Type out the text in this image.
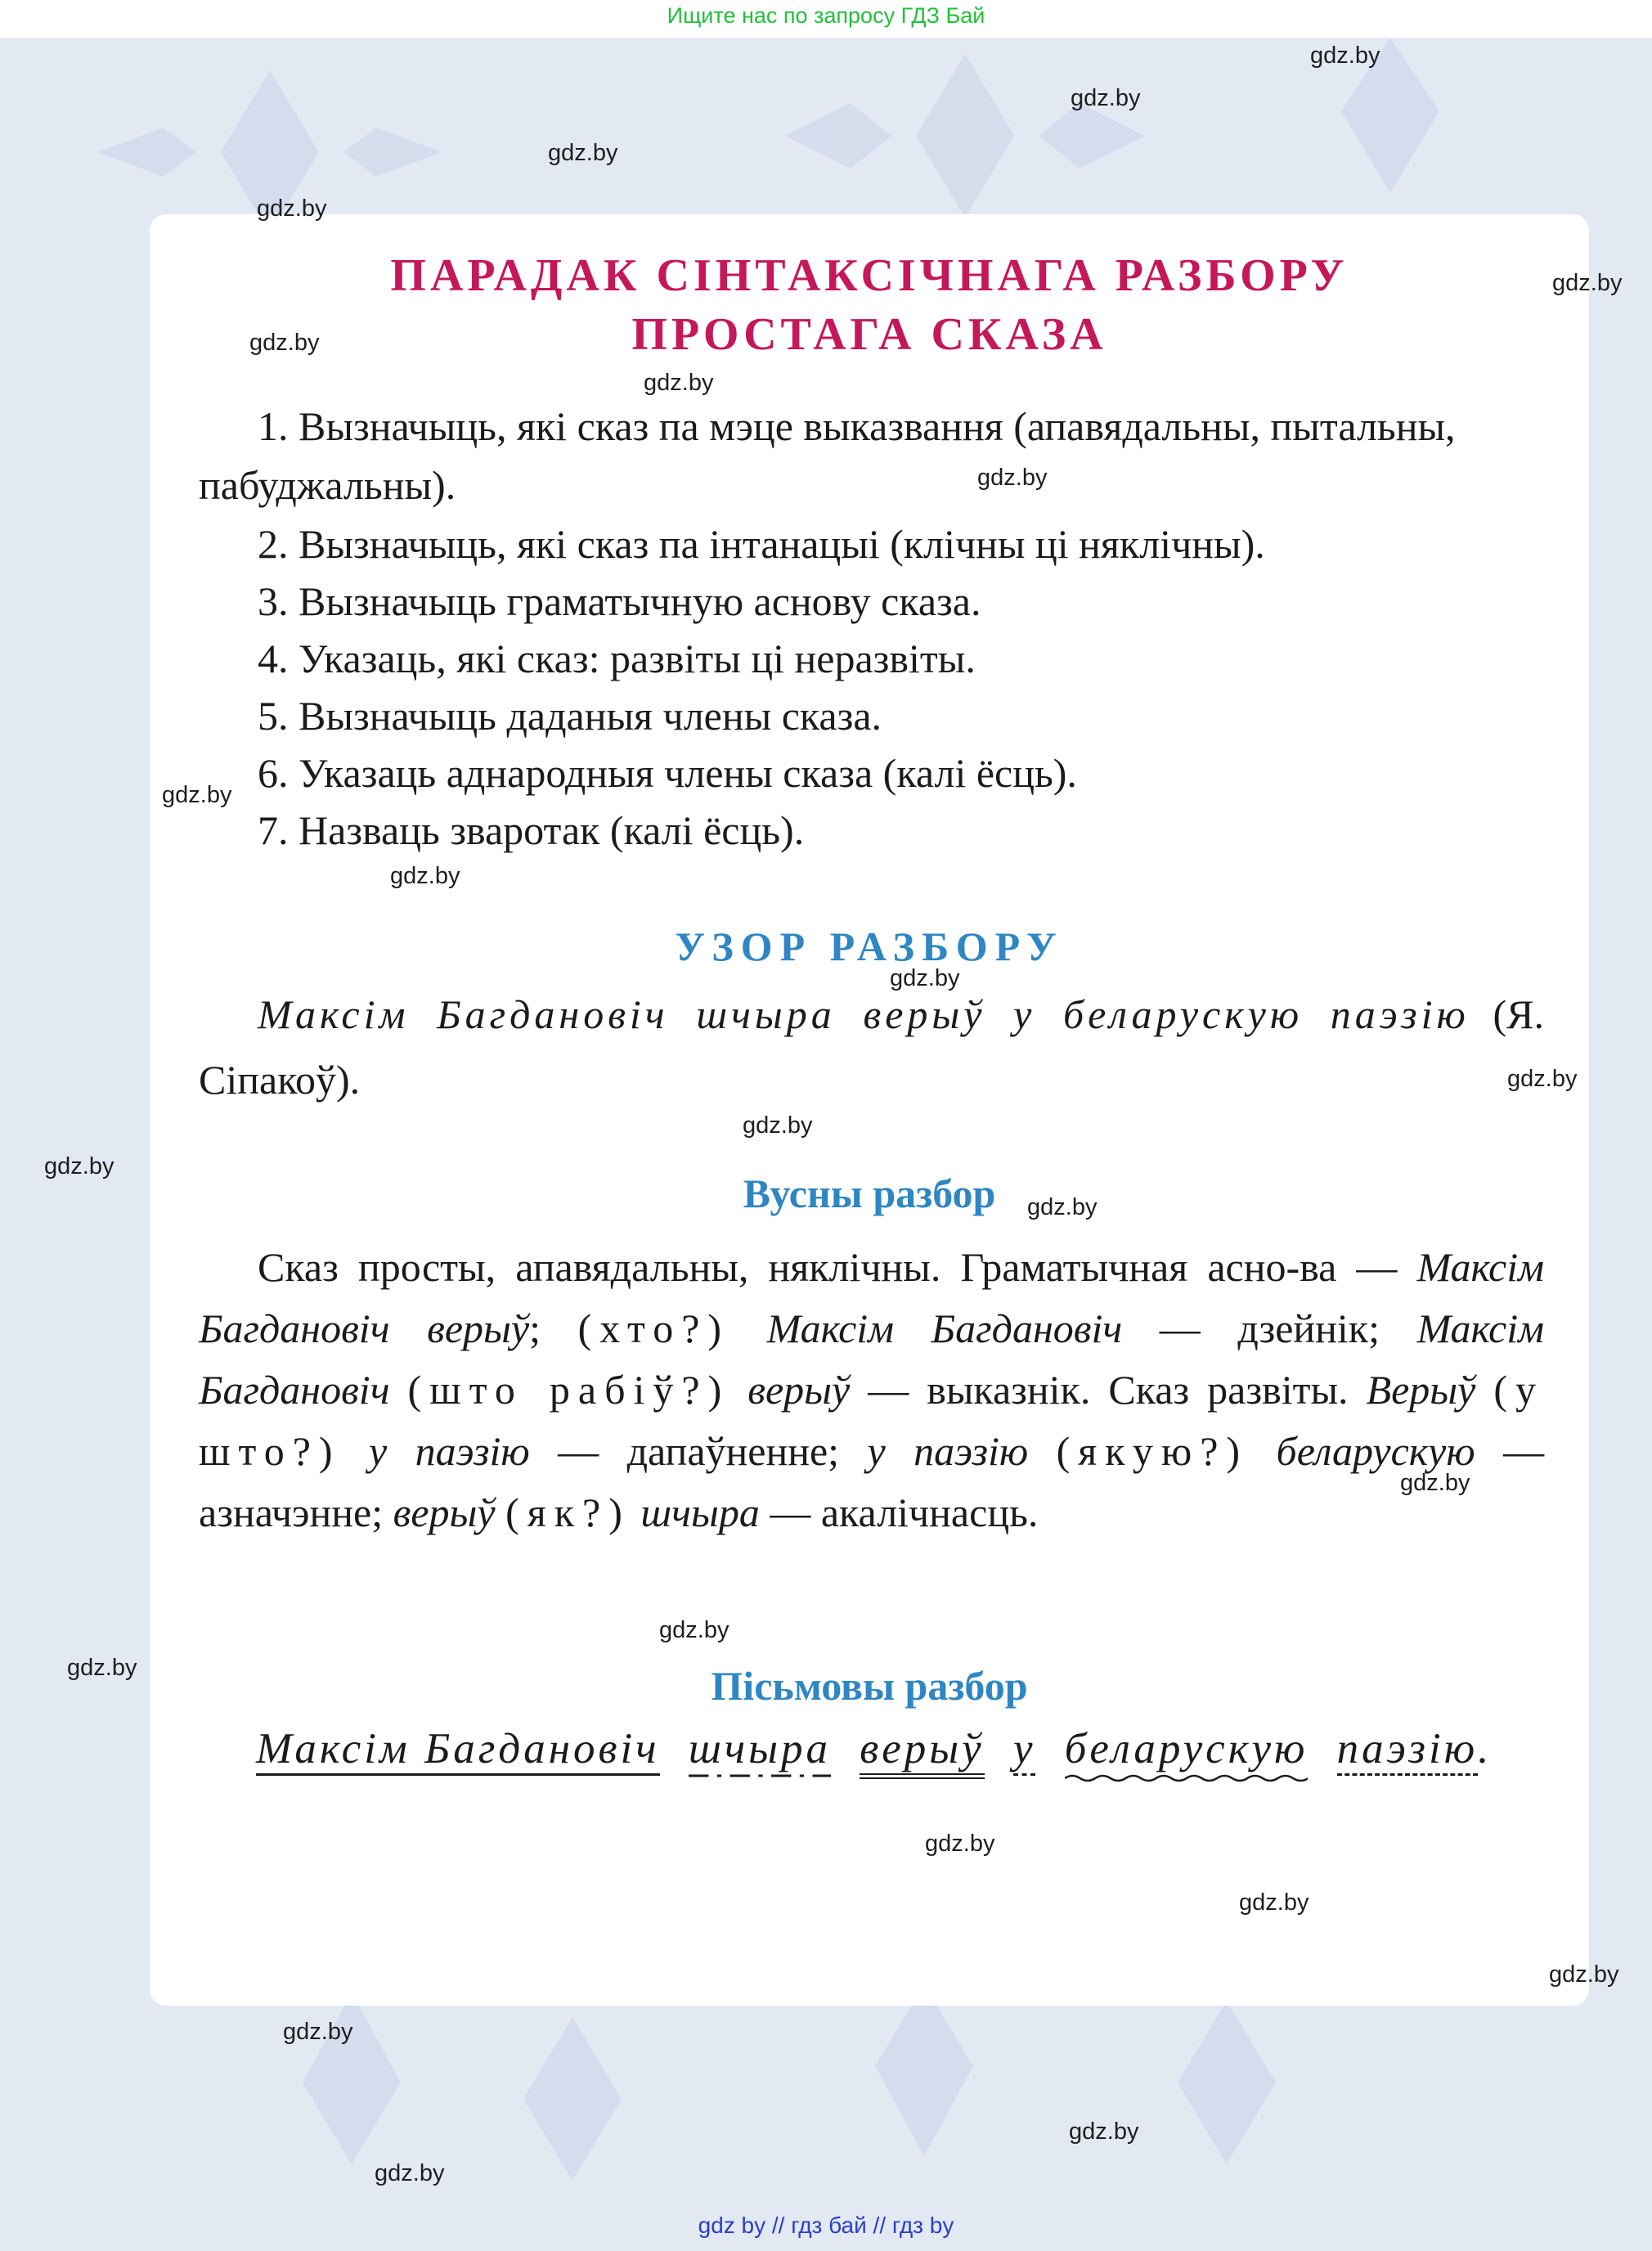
Ищите нас по запросу ГДЗ Бай
ПАРАДАК СІНТАКСІЧНАГА РАЗБОРУ
ПРОСТАГА СКАЗА
1. Вызначыць, які сказ па мэце выказвання (апавядальны, пытальны, пабуджальны).
2. Вызначыць, які сказ па інтанацыі (клічны ці няклічны).
3. Вызначыць граматычную аснову сказа.
4. Указаць, які сказ: развіты ці неразвіты.
5. Вызначыць даданыя члены сказа.
6. Указаць аднародныя члены сказа (калі ёсць).
7. Назваць зваротак (калі ёсць).
УЗОР РАЗБОРУ
Максім Багдановіч шчыра верыў у беларускую паэзію (Я. Сіпакоў).
Вусны разбор
Сказ просты, апавядальны, няклічны. Граматычная асно-ва — Максім Багдановіч верыў; (хто?) Максім Багдановіч — дзейнік; Максім Багдановіч (што рабіў?) верыў — выказнік. Сказ развіты. Верыў (у што?) у паэзію — дапаўненне; у паэзію (якую?) беларускую — азначэнне; верыў (як?) шчыра — акалічнасць.
Пісьмовы разбор
Максім Багдановіч шчыра верыў у беларускую паэзію.
gdz.by
gdz.by
gdz.by
gdz.by
gdz.by
gdz.by
gdz.by
gdz.by
gdz.by
gdz.by
gdz.by
gdz.by
gdz.by
gdz.by
gdz.by
gdz.by
gdz.by
gdz.by
gdz.by
gdz.by
gdz.by
gdz.by
gdz.by
gdz.by
gdz by // гдз бай // гдз by
